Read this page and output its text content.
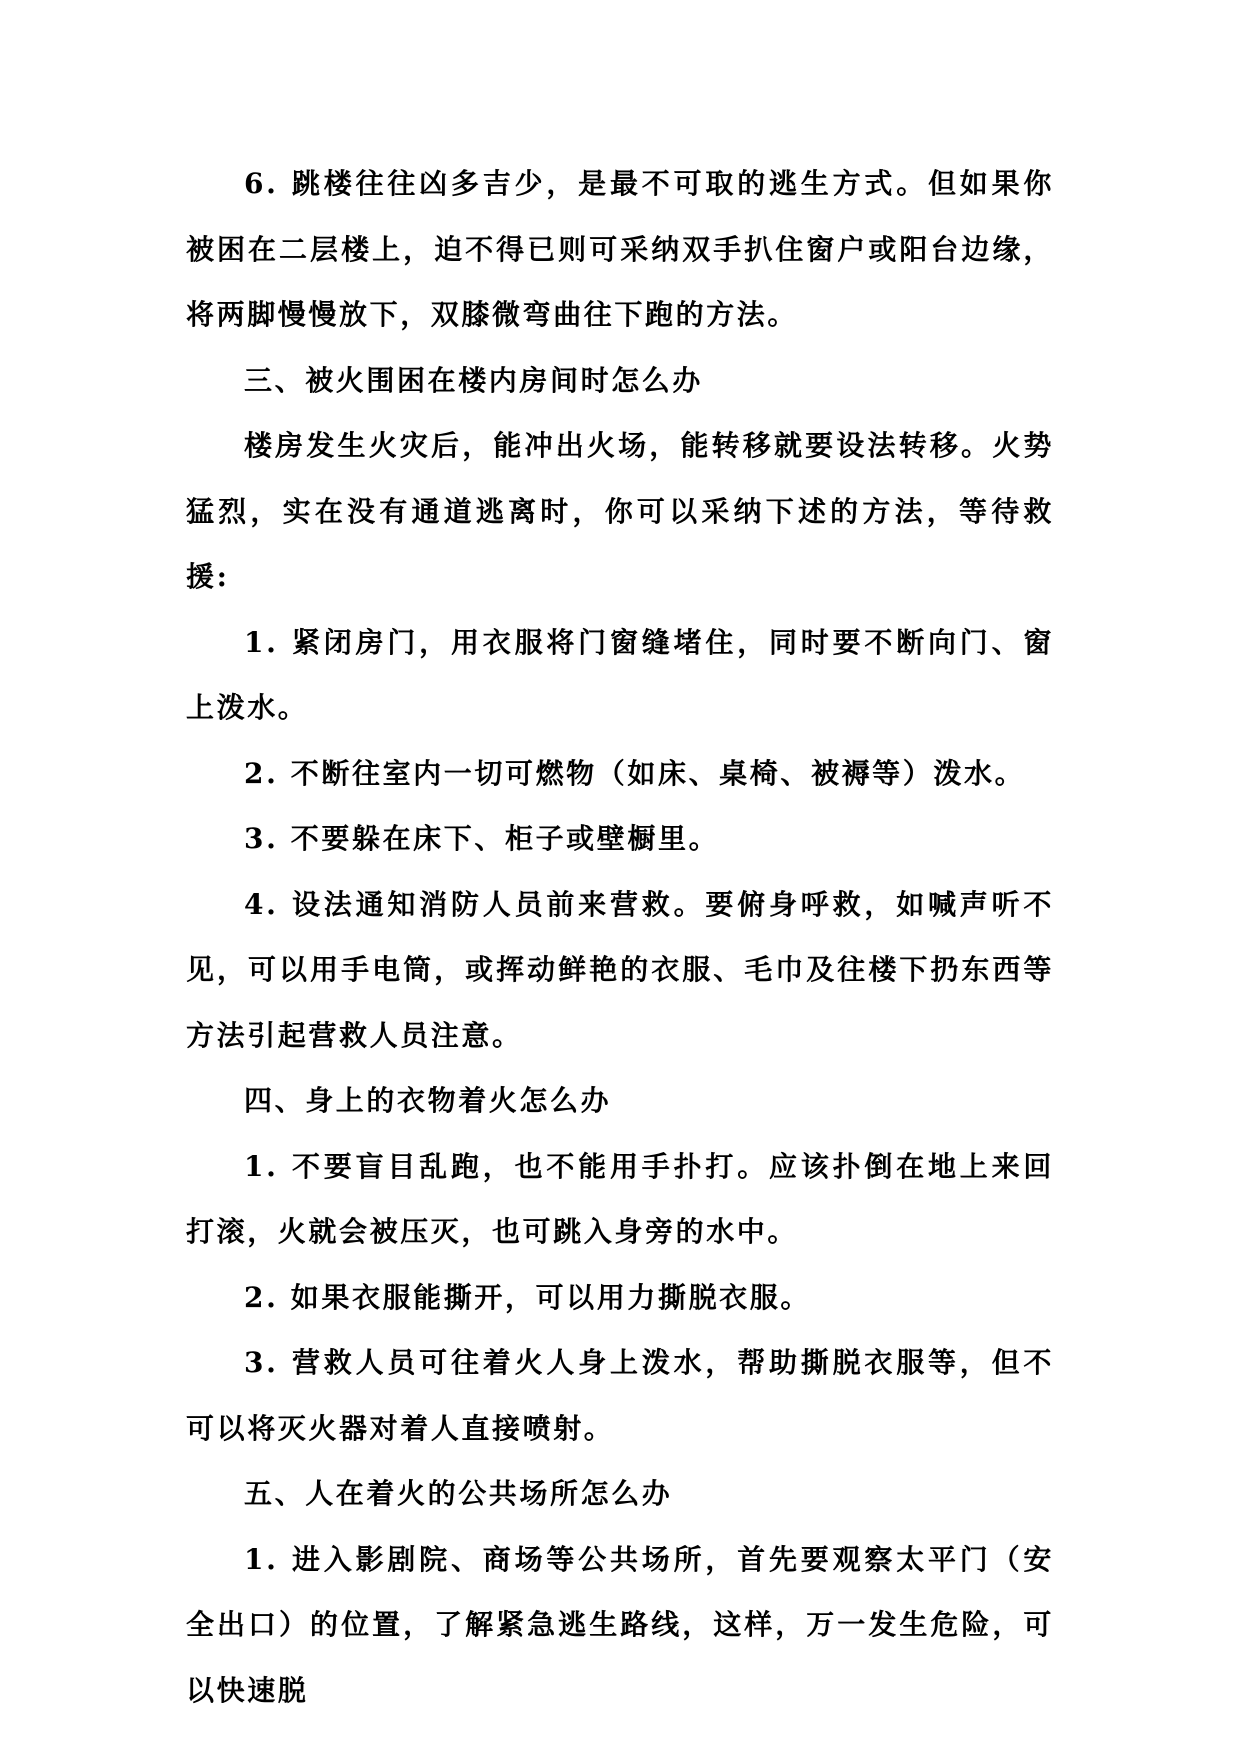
6. 跳楼往往凶多吉少，是最不可取的逃生方式。但如果你被困在二层楼上，迫不得已则可采纳双手扒住窗户或阳台边缘，将两脚慢慢放下，双膝微弯曲往下跑的方法。

三、被火围困在楼内房间时怎么办

楼房发生火灾后，能冲出火场，能转移就要设法转移。火势猛烈，实在没有通道逃离时，你可以采纳下述的方法，等待救援:

1. 紧闭房门，用衣服将门窗缝堵住，同时要不断向门、窗上泼水。

2. 不断往室内一切可燃物（如床、桌椅、被褥等）泼水。

3. 不要躲在床下、柜子或壁橱里。

4. 设法通知消防人员前来营救。要俯身呼救，如喊声听不见，可以用手电筒，或挥动鲜艳的衣服、毛巾及往楼下扔东西等方法引起营救人员注意。

四、身上的衣物着火怎么办

1. 不要盲目乱跑，也不能用手扑打。应该扑倒在地上来回打滚，火就会被压灭，也可跳入身旁的水中。

2. 如果衣服能撕开，可以用力撕脱衣服。

3. 营救人员可往着火人身上泼水，帮助撕脱衣服等，但不可以将灭火器对着人直接喷射。

五、人在着火的公共场所怎么办

1. 进入影剧院、商场等公共场所，首先要观察太平门（安全出口）的位置，了解紧急逃生路线，这样，万一发生危险，可以快速脱
